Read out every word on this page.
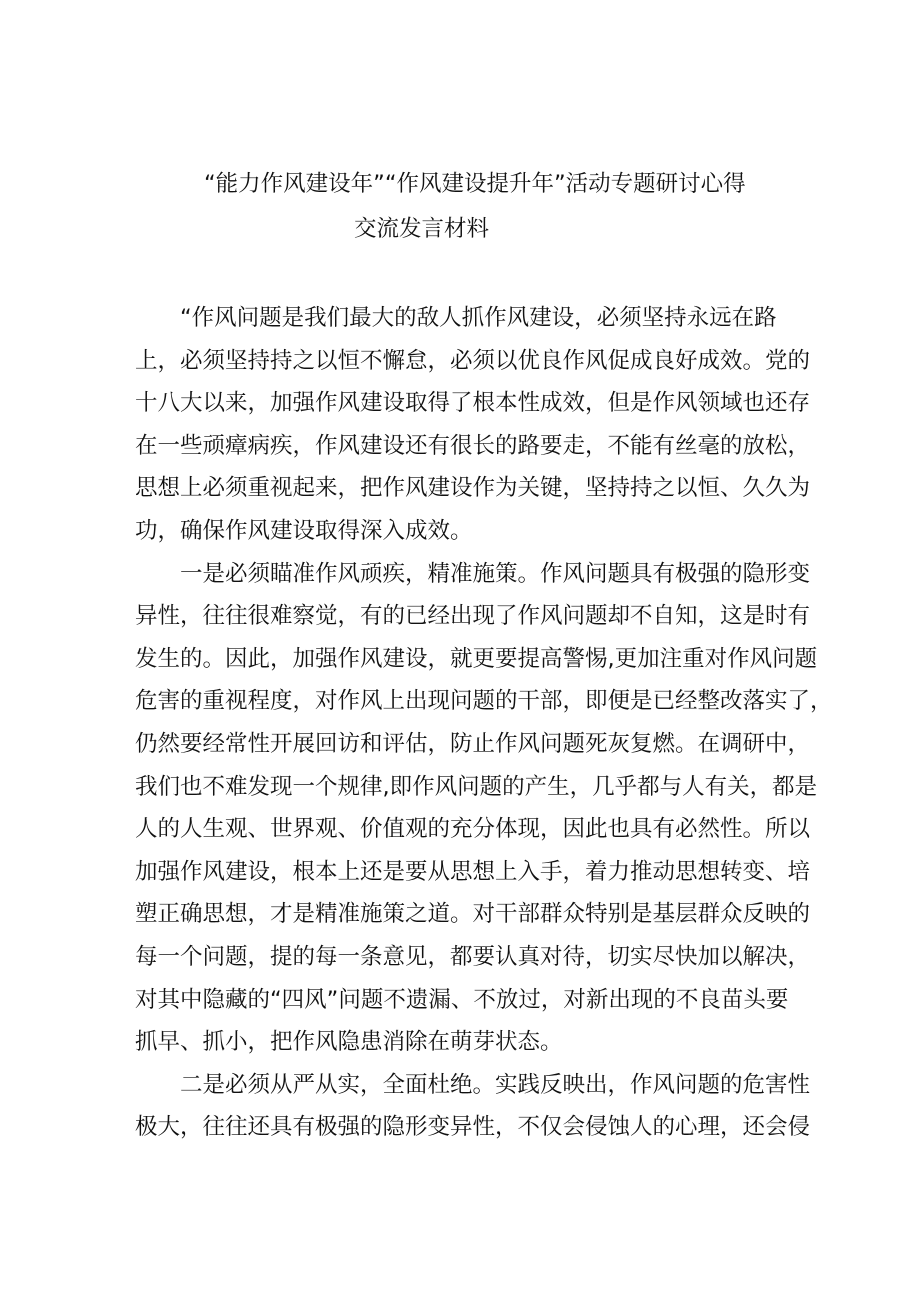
“能力作风建设年”“作风建设提升年”活动专题研讨心得
交流发言材料
“作风问题是我们最大的敌人抓作风建设，必须坚持永远在路
上，必须坚持持之以恒不懈怠，必须以优良作风促成良好成效。党的
十八大以来，加强作风建设取得了根本性成效，但是作风领域也还存
在一些顽瘴病疾，作风建设还有很长的路要走，不能有丝毫的放松，
思想上必须重视起来，把作风建设作为关键，坚持持之以恒、久久为
功，确保作风建设取得深入成效。
一是必须瞄准作风顽疾，精准施策。作风问题具有极强的隐形变
异性，往往很难察觉，有的已经出现了作风问题却不自知，这是时有
发生的。因此，加强作风建设，就更要提高警惕,更加注重对作风问题
危害的重视程度，对作风上出现问题的干部，即便是已经整改落实了，
仍然要经常性开展回访和评估，防止作风问题死灰复燃。在调研中，
我们也不难发现一个规律,即作风问题的产生，几乎都与人有关，都是
人的人生观、世界观、价值观的充分体现，因此也具有必然性。所以
加强作风建设，根本上还是要从思想上入手，着力推动思想转变、培
塑正确思想，才是精准施策之道。对干部群众特别是基层群众反映的
每一个问题，提的每一条意见，都要认真对待，切实尽快加以解决，
对其中隐藏的“四风”问题不遗漏、不放过，对新出现的不良苗头要
抓早、抓小，把作风隐患消除在萌芽状态。
二是必须从严从实，全面杜绝。实践反映出，作风问题的危害性
极大，往往还具有极强的隐形变异性，不仅会侵蚀人的心理，还会侵
